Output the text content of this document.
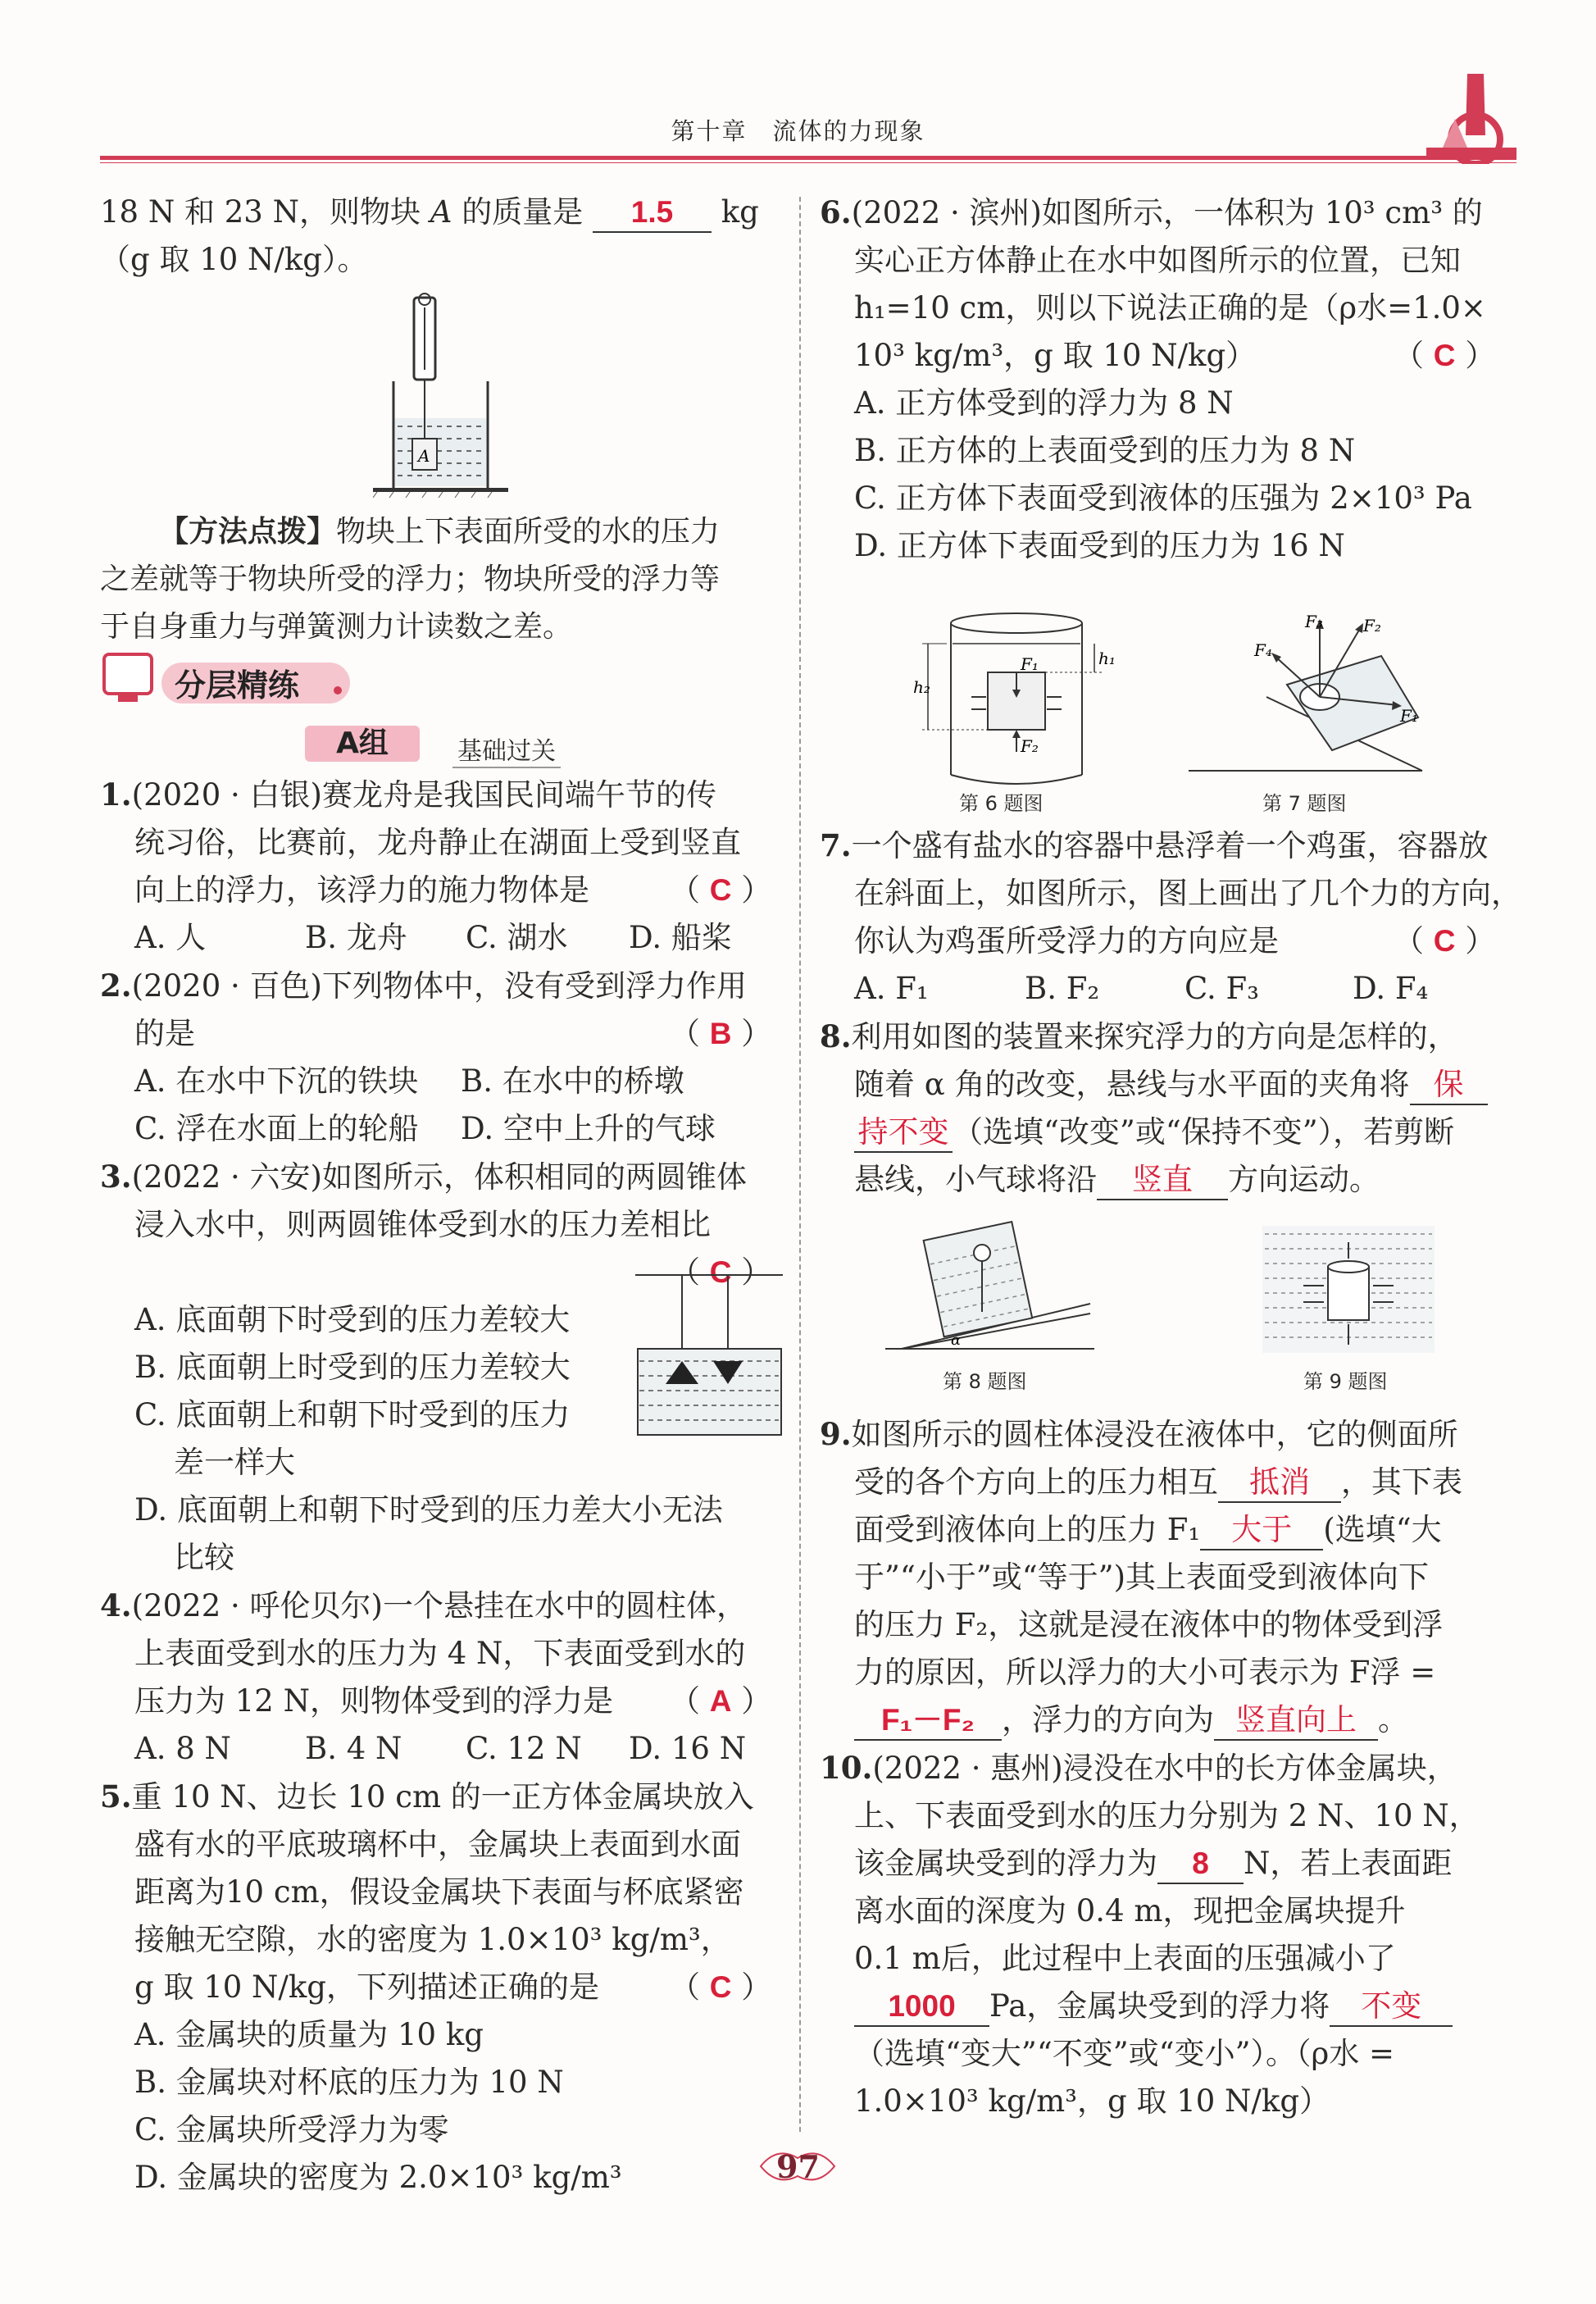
第十章　流体的力现象

18 N 和 23 N，则物块 A 的质量是 1.5 kg

（g 取 10 N/kg）。

A

【方法点拨】物块上下表面所受的水的压力

之差就等于物块所受的浮力；物块所受的浮力等

于自身重力与弹簧测力计读数之差。

分层精练
A组	基础过关

1.(2020 · 白银)赛龙舟是我国民间端午节的传

统习俗，比赛前，龙舟静止在湖面上受到竖直

向上的浮力，该浮力的施力物体是	（ C ）

A. 人	B. 龙舟 C. 湖水 D. 船桨

2.(2020 · 百色)下列物体中，没有受到浮力作用

的是	（ B ）

A. 在水中下沉的铁块 B. 在水中的桥墩

C. 浮在水面上的轮船 D. 空中上升的气球

3.(2022 · 六安)如图所示，体积相同的两圆锥体

浸入水中，则两圆锥体受到水的压力差相比

（ C ）

A. 底面朝下时受到的压力差较大

B. 底面朝上时受到的压力差较大

C. 底面朝上和朝下时受到的压力

差一样大

D. 底面朝上和朝下时受到的压力差大小无法

比较

4.(2022 · 呼伦贝尔)一个悬挂在水中的圆柱体，

上表面受到水的压力为 4 N，下表面受到水的

压力为 12 N，则物体受到的浮力是 （ A ）

A. 8 N B. 4 N C. 12 N D. 16 N

5.重 10 N、边长 10 cm 的一正方体金属块放入

盛有水的平底玻璃杯中，金属块上表面到水面

距离为10 cm，假设金属块下表面与杯底紧密

接触无空隙，水的密度为 1.0×10³ kg/m³，

g 取 10 N/kg，下列描述正确的是 （ C ）

A. 金属块的质量为 10 kg

B. 金属块对杯底的压力为 10 N

C. 金属块所受浮力为零

D. 金属块的密度为 2.0×10³ kg/m³

6.(2022 · 滨州)如图所示，一体积为 10³ cm³ 的

实心正方体静止在水中如图所示的位置，已知

h₁=10 cm，则以下说法正确的是（ρ水=1.0×

10³ kg/m³，g 取 10 N/kg）	（ C ）

A. 正方体受到的浮力为 8 N

B. 正方体的上表面受到的压力为 8 N

C. 正方体下表面受到液体的压强为 2×10³ Pa

D. 正方体下表面受到的压力为 16 N

h₂
h₁
F₁
F₂
第 6 题图
F₃ F₂
F₁
F₄
第 7 题图

7.一个盛有盐水的容器中悬浮着一个鸡蛋，容器放

在斜面上，如图所示，图上画出了几个力的方向，

你认为鸡蛋所受浮力的方向应是	（ C ）

A. F₁	B. F₂	C. F₃	D. F₄

8.利用如图的装置来探究浮力的方向是怎样的，

随着 α 角的改变，悬线与水平面的夹角将 保

持不变 （选填“改变”或“保持不变”），若剪断

悬线，小气球将沿 竖直 方向运动。

α
第 8 题图	第 9 题图

9.如图所示的圆柱体浸没在液体中，它的侧面所

受的各个方向上的压力相互 抵消 ，其下表

面受到液体向上的压力 F₁ 大于 (选填“大

于”“小于”或“等于”)其上表面受到液体向下

的压力 F₂，这就是浸在液体中的物体受到浮

力的原因，所以浮力的大小可表示为 F浮 =

F₁－F₂ ，浮力的方向为 竖直向上 。

10.(2022 · 惠州)浸没在水中的长方体金属块，

上、下表面受到水的压力分别为 2 N、10 N，

该金属块受到的浮力为 8 N，若上表面距

离水面的深度为 0.4 m，现把金属块提升

0.1 m后，此过程中上表面的压强减小了

1000 Pa，金属块受到的浮力将 不变

（选填“变大”“不变”或“变小”）。（ρ水 =

1.0×10³ kg/m³，g 取 10 N/kg）

97
